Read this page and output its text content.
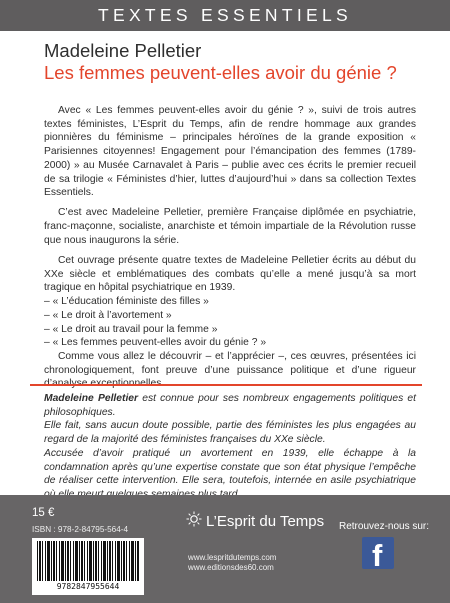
TEXTES ESSENTIELS
Madeleine Pelletier
Les femmes peuvent-elles avoir du génie ?

Avec « Les femmes peuvent-elles avoir du génie ? », suivi de trois autres textes féministes, L’Esprit du Temps, afin de rendre hommage aux grandes pionnières du féminisme – principales héroïnes de la grande exposition « Parisiennes citoyennes! Engagement pour l’émancipation des femmes (1789-2000) » au Musée Carnavalet à Paris – publie avec ces écrits le premier recueil de sa trilogie « Féministes d’hier, luttes d’aujourd’hui » dans sa collection Textes Essentiels.

C’est avec Madeleine Pelletier, première Française diplômée en psychiatrie, franc-maçonne, socialiste, anarchiste et témoin impartiale de la Révolution russe que nous inaugurons la série.

Cet ouvrage présente quatre textes de Madeleine Pelletier écrits au début du XXe siècle et emblématiques des combats qu’elle a mené jusqu’à sa mort tragique en hôpital psychiatrique en 1939.

– « L’éducation féministe des filles »
– « Le droit à l’avortement »
– « Le droit au travail pour la femme »
– « Les femmes peuvent-elles avoir du génie ? »

Comme vous allez le découvrir – et l’apprécier –, ces œuvres, présentées ici chronologiquement, font preuve d’une puissance politique et d’une rigueur d’analyse exceptionnelles.

Madeleine Pelletier est connue pour ses nombreux engagements politiques et philosophiques.

Elle fait, sans aucun doute possible, partie des féministes les plus engagées au regard de la majorité des féministes françaises du XXe siècle.

Accusée d’avoir pratiqué un avortement en 1939, elle échappe à la condamnation après qu’une expertise constate que son état physique l’empêche de réaliser cette intervention. Elle sera, toutefois, internée en asile psychiatrique

15 €
ISBN : 978-2-84795-564-4
9782847955644
L’Esprit du Temps
www.lespritdutemps.com
www.editionsdes60.com
Retrouvez-nous sur:
f
